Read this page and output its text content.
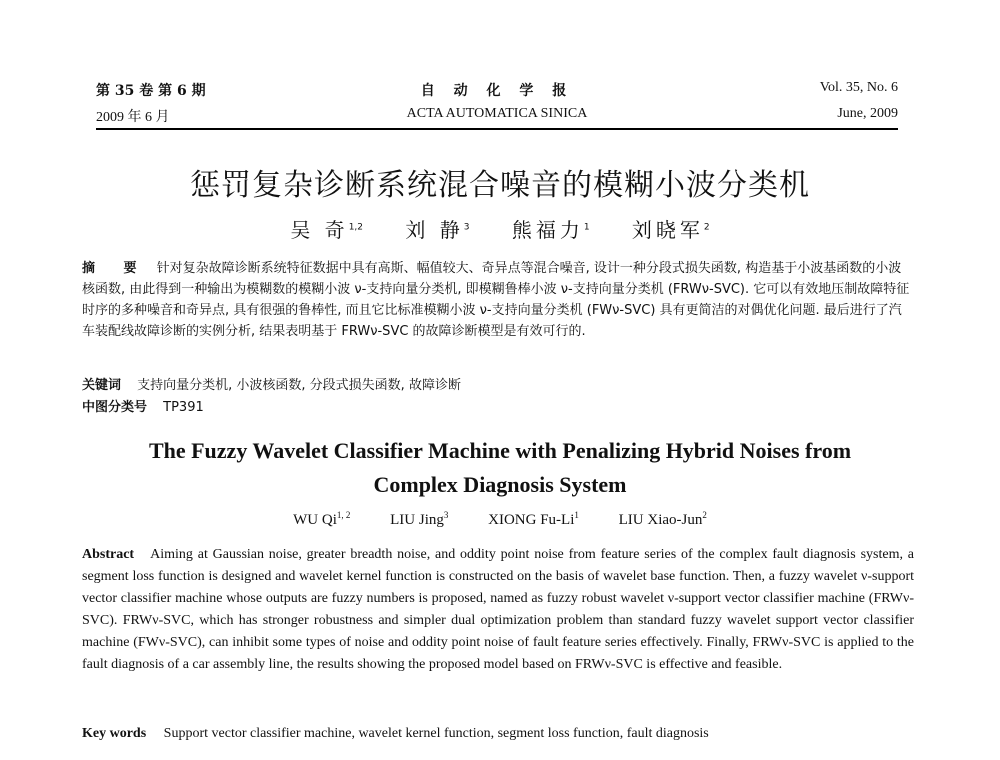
第 35 卷 第 6 期	自 动 化 学 报	Vol. 35, No. 6
2009 年 6 月	ACTA AUTOMATICA SINICA	June, 2009
惩罚复杂诊断系统混合噪音的模糊小波分类机
吴 奇$^{1,2}$ 刘 静$^3$ 熊福力$^1$ 刘晓军$^2$
摘 要 针对复杂故障诊断系统特征数据中具有高斯、幅值较大、奇异点等混合噪音, 设计一种分段式损失函数, 构造基于小波基函数的小波核函数, 由此得到一种输出为模糊数的模糊小波 ν-支持向量分类机, 即模糊鲁棒小波 ν-支持向量分类机 (FRWν-SVC). 它可以有效地压制故障特征时序的多种噪音和奇异点, 具有很强的鲁棒性, 而且它比标准模糊小波 ν-支持向量分类机 (FWν-SVC) 具有更简洁的对偶优化问题. 最后进行了汽车装配线故障诊断的实例分析, 结果表明基于 FRWν-SVC 的故障诊断模型是有效可行的.
关键词 支持向量分类机, 小波核函数, 分段式损失函数, 故障诊断
中图分类号 TP391
The Fuzzy Wavelet Classifier Machine with Penalizing Hybrid Noises from
Complex Diagnosis System
WU Qi$^{1, 2}$	LIU Jing$^3$	XIONG Fu-Li$^1$	LIU Xiao-Jun$^2$
Abstract Aiming at Gaussian noise, greater breadth noise, and oddity point noise from feature series of the complex fault diagnosis system, a segment loss function is designed and wavelet kernel function is constructed on the basis of wavelet base function. Then, a fuzzy wavelet ν-support vector classifier machine whose outputs are fuzzy numbers is proposed, named as fuzzy robust wavelet ν-support vector classifier machine (FRWν-SVC). FRWν-SVC, which has stronger robustness and simpler dual optimization problem than standard fuzzy wavelet support vector classifier machine (FWν-SVC), can inhibit some types of noise and oddity point noise of fault feature series effectively. Finally, FRWν-SVC is applied to the fault diagnosis of a car assembly line, the results showing the proposed model based on FRWν-SVC is effective and feasible.
Key words Support vector classifier machine, wavelet kernel function, segment loss function, fault diagnosis
